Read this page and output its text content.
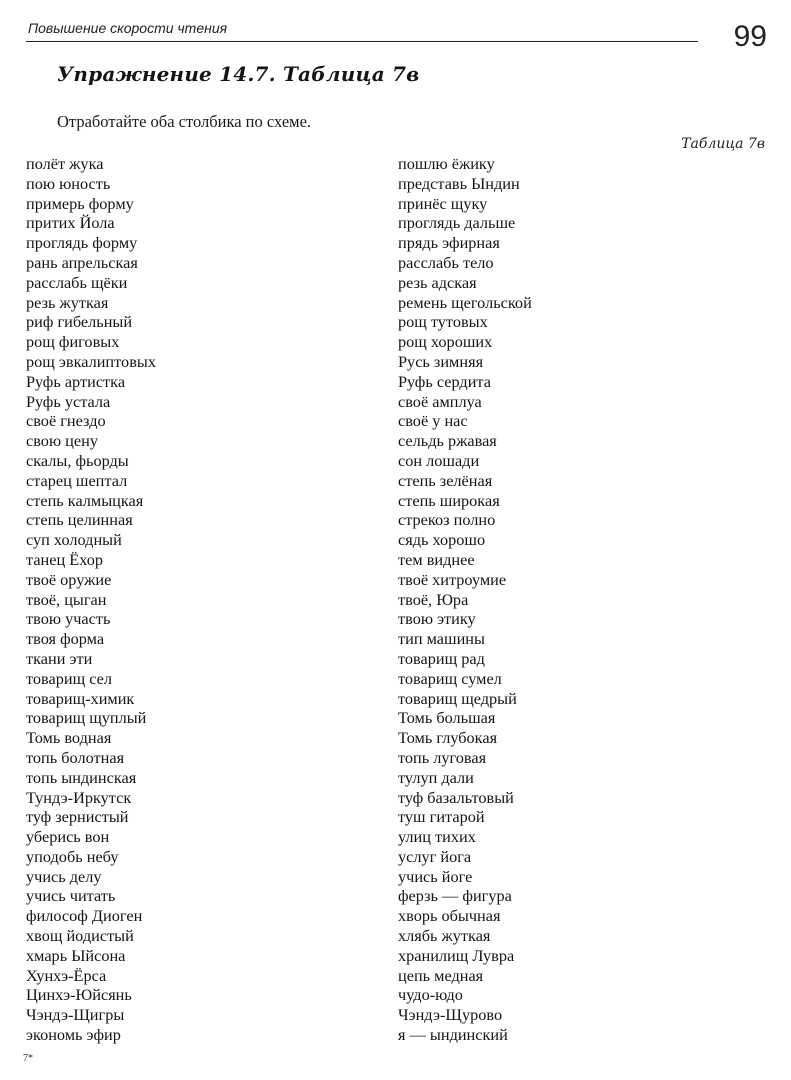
Повышение скорости чтения	99
Упражнение 14.7. Таблица 7в
Отработайте оба столбика по схеме.
Таблица 7в
полёт жука
пою юность
примерь форму
притих Йола
проглядь форму
рань апрельская
расслабь щёки
резь жуткая
риф гибельный
рощ фиговых
рощ эвкалиптовых
Руфь артистка
Руфь устала
своё гнездо
свою цену
скалы, фьорды
старец шептал
степь калмыцкая
степь целинная
суп холодный
танец Ёхор
твоё оружие
твоё, цыган
твою участь
твоя форма
ткани эти
товарищ сел
товарищ-химик
товарищ щуплый
Томь водная
топь болотная
топь ындинская
Тундэ-Иркутск
туф зернистый
уберись вон
уподобь небу
учись делу
учись читать
философ Диоген
хвощ йодистый
хмарь Ыйсона
Хунхэ-Ёрса
Цинхэ-Юйсянь
Чэндэ-Щигры
экономь эфир
пошлю ёжику
представь Ындин
принёс щуку
проглядь дальше
прядь эфирная
расслабь тело
резь адская
ремень щегольской
рощ тутовых
рощ хороших
Русь зимняя
Руфь сердита
своё амплуа
своё у нас
сельдь ржавая
сон лошади
степь зелёная
степь широкая
стрекоз полно
сядь хорошо
тем виднее
твоё хитроумие
твоё, Юра
твою этику
тип машины
товарищ рад
товарищ сумел
товарищ щедрый
Томь большая
Томь глубокая
топь луговая
тулуп дали
туф базальтовый
туш гитарой
улиц тихих
услуг йога
учись йоге
ферзь — фигура
хворь обычная
хлябь жуткая
хранилищ Лувра
цепь медная
чудо-юдо
Чэндэ-Щурово
я — ындинский
7*
